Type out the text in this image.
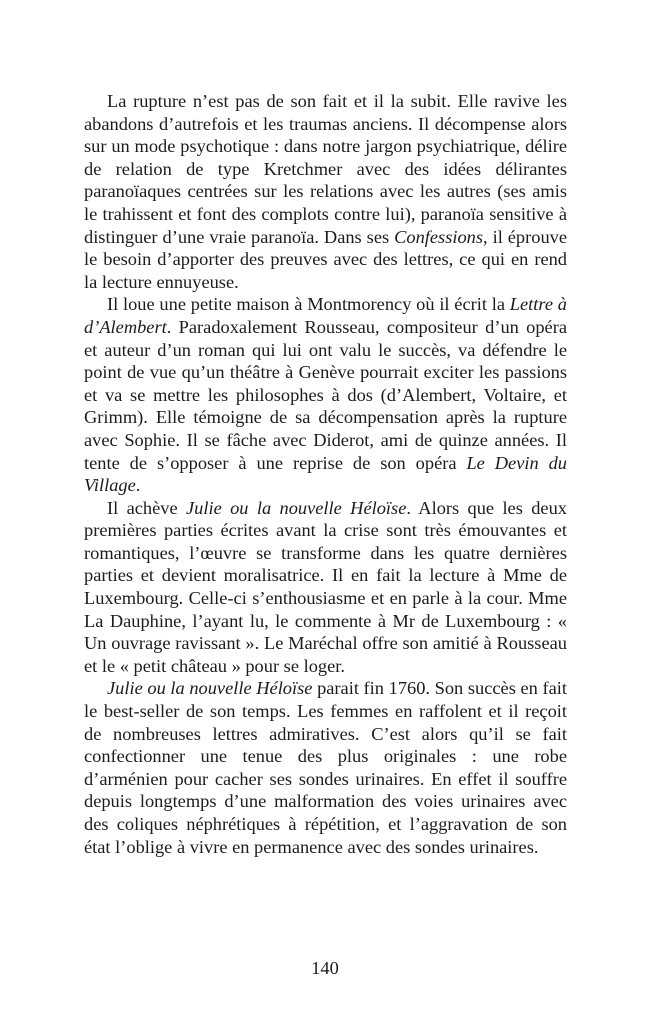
La rupture n’est pas de son fait et il la subit. Elle ravive les abandons d’autrefois et les traumas anciens. Il décompense alors sur un mode psychotique : dans notre jargon psychiatrique, délire de relation de type Kretchmer avec des idées délirantes paranoïaques centrées sur les relations avec les autres (ses amis le trahissent et font des complots contre lui), paranoïa sensitive à distinguer d’une vraie paranoïa. Dans ses Confessions, il éprouve le besoin d’apporter des preuves avec des lettres, ce qui en rend la lecture ennuyeuse.

Il loue une petite maison à Montmorency où il écrit la Lettre à d’Alembert. Paradoxalement Rousseau, compositeur d’un opéra et auteur d’un roman qui lui ont valu le succès, va défendre le point de vue qu’un théâtre à Genève pourrait exciter les passions et va se mettre les philosophes à dos (d’Alembert, Voltaire, et Grimm). Elle témoigne de sa décompensation après la rupture avec Sophie. Il se fâche avec Diderot, ami de quinze années. Il tente de s’opposer à une reprise de son opéra Le Devin du Village.

Il achève Julie ou la nouvelle Héloïse. Alors que les deux premières parties écrites avant la crise sont très émouvantes et romantiques, l’œuvre se transforme dans les quatre dernières parties et devient moralisatrice. Il en fait la lecture à Mme de Luxembourg. Celle-ci s’enthousiasme et en parle à la cour. Mme La Dauphine, l’ayant lu, le commente à Mr de Luxembourg : « Un ouvrage ravissant ». Le Maréchal offre son amitié à Rousseau et le « petit château » pour se loger.

Julie ou la nouvelle Héloïse parait fin 1760. Son succès en fait le best-seller de son temps. Les femmes en raffolent et il reçoit de nombreuses lettres admiratives. C’est alors qu’il se fait confectionner une tenue des plus originales : une robe d’arménien pour cacher ses sondes urinaires. En effet il souffre depuis longtemps d’une malformation des voies urinaires avec des coliques néphrétiques à répétition, et l’aggravation de son état l’oblige à vivre en permanence avec des sondes urinaires.

140
